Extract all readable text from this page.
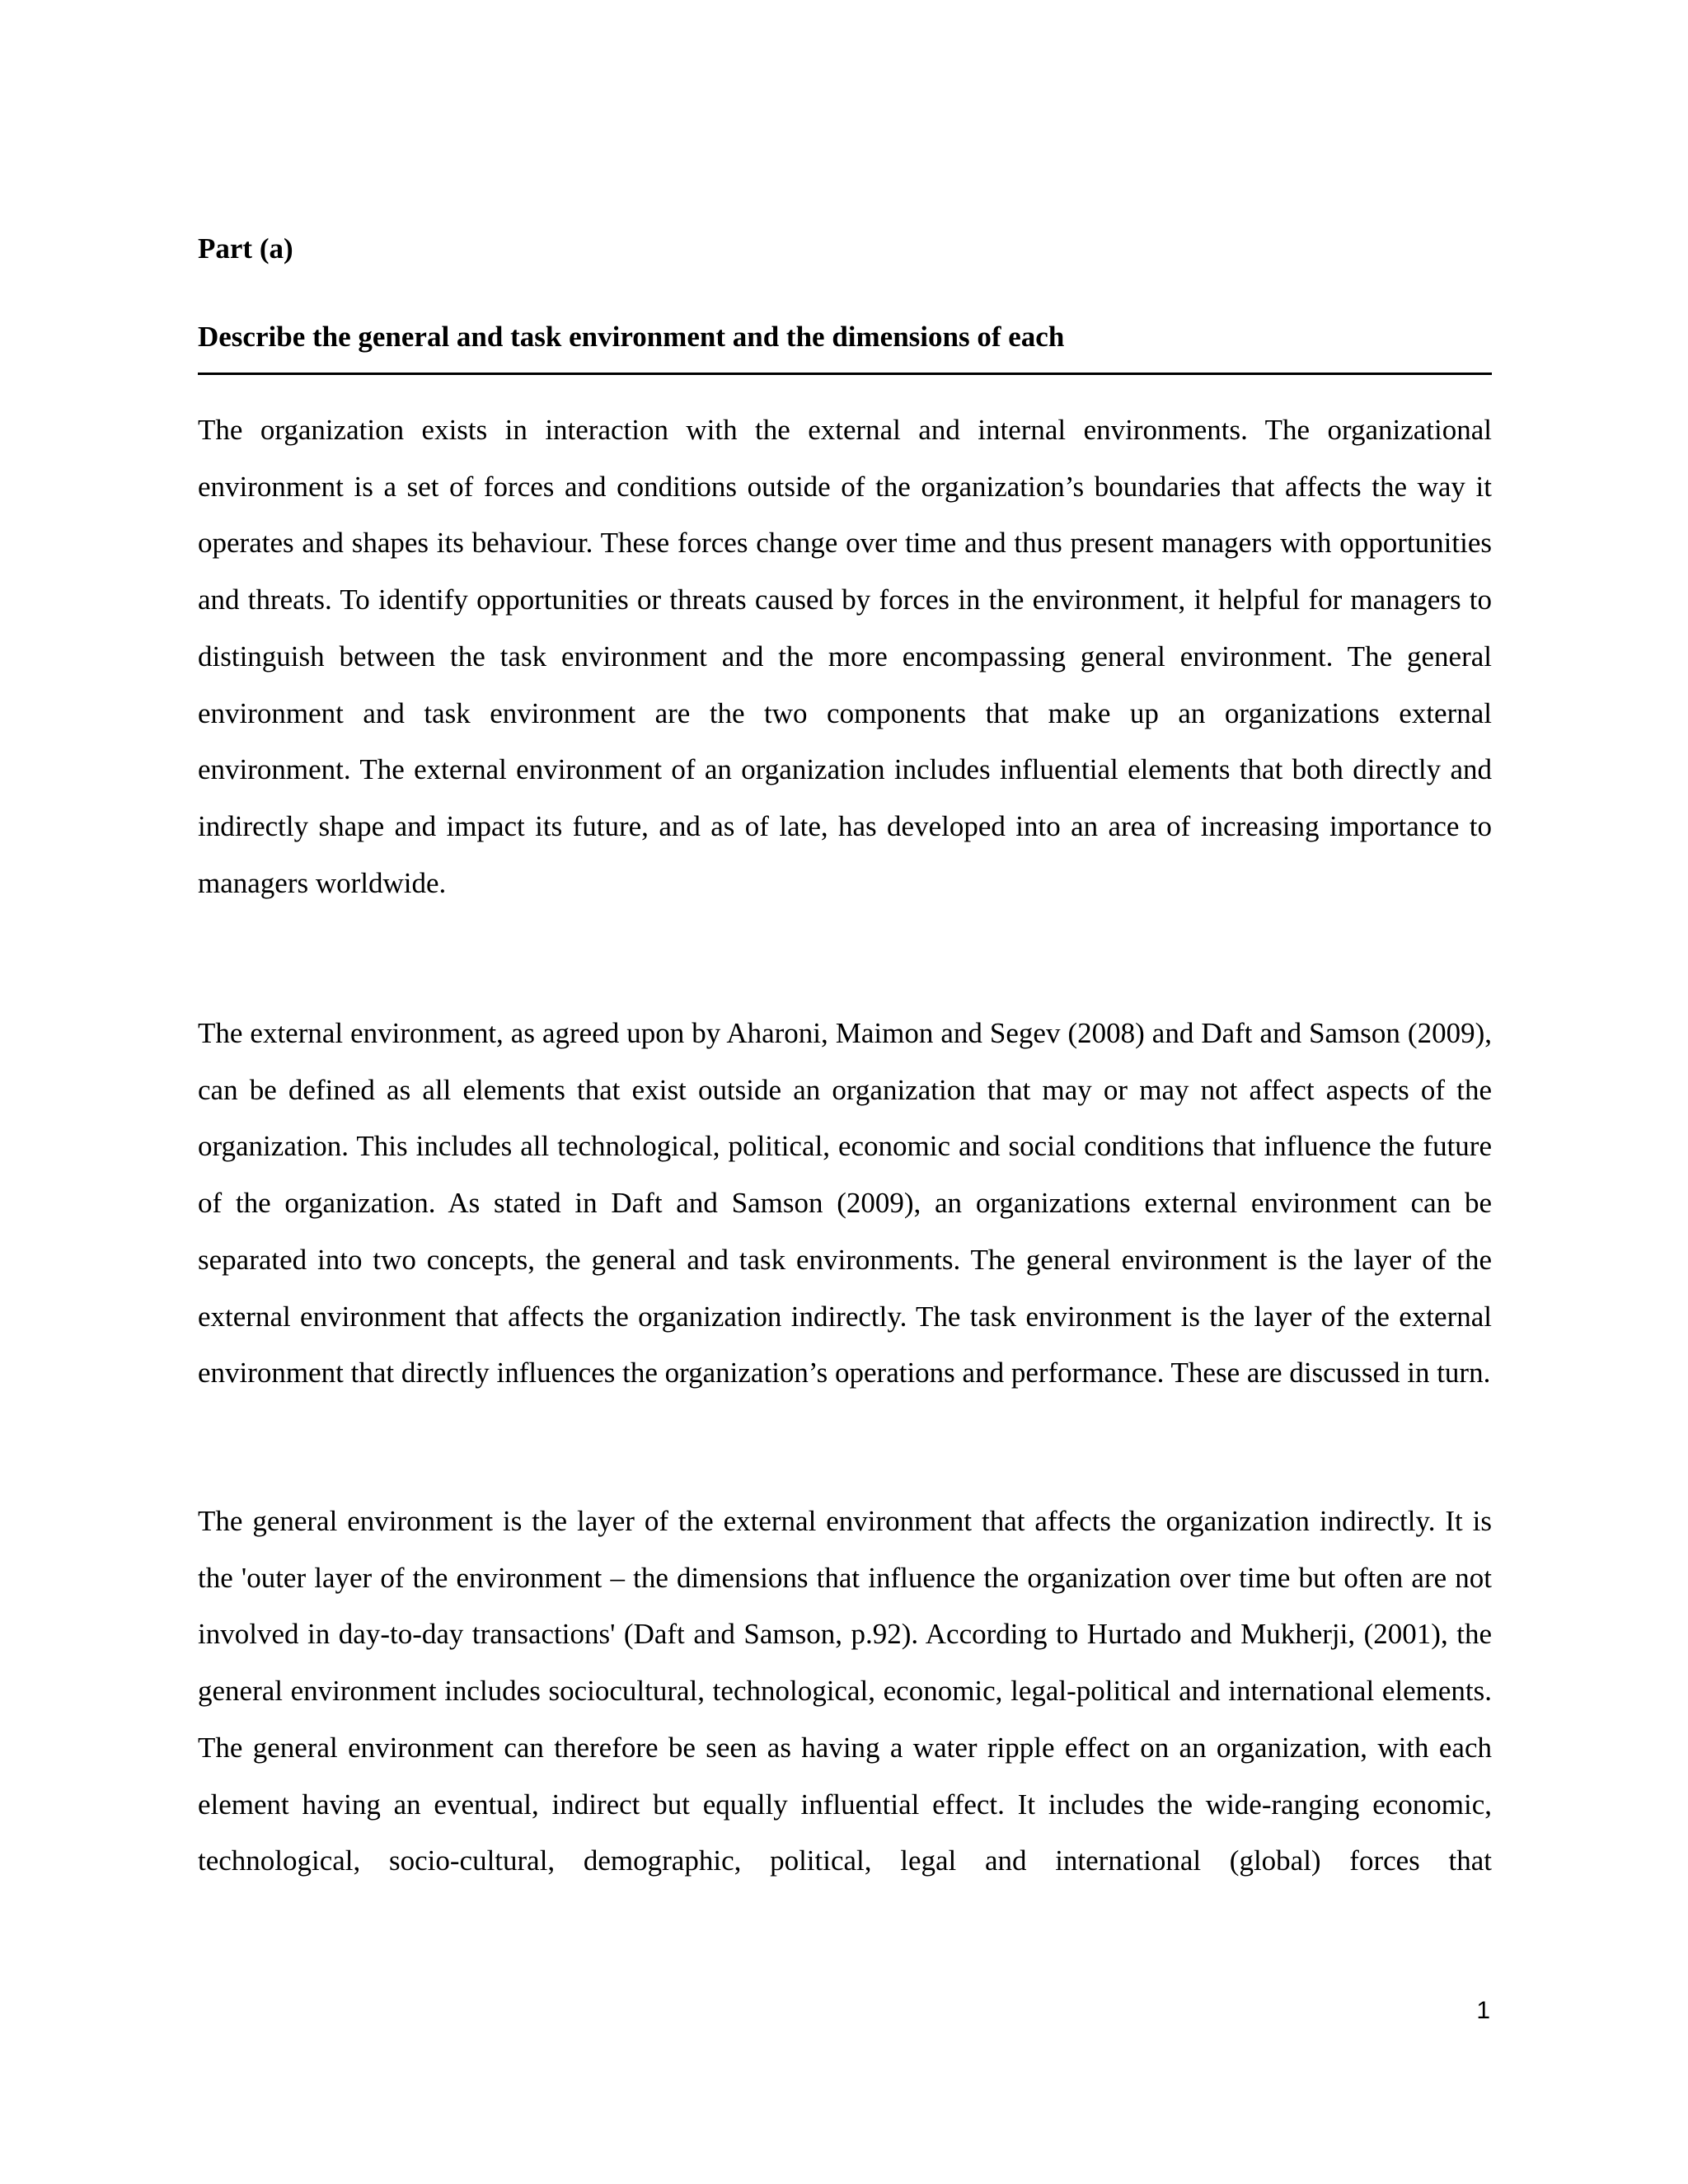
Part (a)
Describe the general and task environment and the dimensions of each

The organization exists in interaction with the external and internal environments. The organizational environment is a set of forces and conditions outside of the organization’s boundaries that affects the way it operates and shapes its behaviour. These forces change over time and thus present managers with opportunities and threats. To identify opportunities or threats caused by forces in the environment, it helpful for managers to distinguish between the task environment and the more encompassing general environment. The general environment and task environment are the two components that make up an organizations external environment. The external environment of an organization includes influential elements that both directly and indirectly shape and impact its future, and as of late, has developed into an area of increasing importance to managers worldwide.

The external environment, as agreed upon by Aharoni, Maimon and Segev (2008) and Daft and Samson (2009), can be defined as all elements that exist outside an organization that may or may not affect aspects of the organization. This includes all technological, political, economic and social conditions that influence the future of the organization. As stated in Daft and Samson (2009), an organizations external environment can be separated into two concepts, the general and task environments. The general environment is the layer of the external environment that affects the organization indirectly. The task environment is the layer of the external environment that directly influences the organization’s operations and performance. These are discussed in turn.

The general environment is the layer of the external environment that affects the organization indirectly. It is the 'outer layer of the environment – the dimensions that influence the organization over time but often are not involved in day-to-day transactions' (Daft and Samson, p.92). According to Hurtado and Mukherji, (2001), the general environment includes sociocultural, technological, economic, legal-political and international elements. The general environment can therefore be seen as having a water ripple effect on an organization, with each element having an eventual, indirect but equally influential effect. It includes the wide-ranging economic, technological, socio-cultural, demographic, political, legal and international (global) forces that

1
